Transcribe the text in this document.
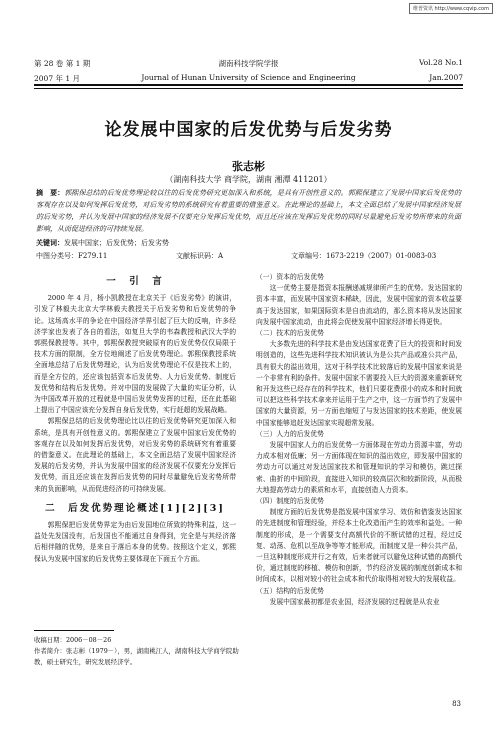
维普资讯 http://www.cqvip.com
第 28 卷 第 1 期	湖南科技学院学报	Vol.28 No.1
2007 年 1 月	Journal of Hunan University of Science and Engineering	Jan.2007
论发展中国家的后发优势与后发劣势
张志彬
（湖南科技大学 商学院，湖南 湘潭 411201）
摘　要：郭熙保总结的后发优势理论较以往的后发优势研究更加深入和系统，是具有开创性意义的。郭熙保建立了发展中国家后发优势的客观存在以及如何发挥后发优势，对后发劣势的系统研究有着重要的借鉴意义。在此理论的基础上，本文全面总结了发展中国家经济发展的后发劣势，并认为发展中国家的经济发展不仅要充分发挥后发优势，而且还应该在发挥后发优势的同时尽量避免后发劣势所带来的负面影响，从而促进经济的可持续发展。
关键词：发展中国家；后发优势；后发劣势
中图分类号：F279.11	文献标识码：A	文章编号：1673-2219（2007）01-0083-03
一　引　言

2000 年 4 月，杨小凯教授在北京关于《后发劣势》的演讲，引发了林毅夫北京大学林毅夫教授关于后发劣势和后发优势的争论。这场高水平的争论在中国经济学界引起了巨大的反响，许多经济学家也发表了各自的看法，如复旦大学的韦森教授和武汉大学的郭熙保教授等。其中，郭熙保教授突破原有的后发优势仅仅局限于技术方面的限制，全方位地阐述了后发优势理论。郭熙保教授系统全面地总结了后发优势理论，认为后发优势理论不仅是技术上的，而是全方位的，还应该包括资本后发优势、人力后发优势、制度后发优势和结构后发优势。并对中国的发展做了大量的实证分析，认为中国改革开放的过程就是中国后发优势发挥的过程，还在此基础上提出了中国应该充分发挥自身后发优势，实行赶超的发展战略。

郭熙保总结的后发优势理论比以往的后发优势研究更加深入和系统，是具有开创性意义的。郭熙保建立了发展中国家后发优势的客观存在以及如何发挥后发优势，对后发劣势的系统研究有着重要的借鉴意义。在此理论的基础上，本文全面总结了发展中国家经济发展的后发劣势，并认为发展中国家的经济发展不仅要充分发挥后发优势，而且还应该在发挥后发优势的同时尽量避免后发劣势所带来的负面影响，从而促进经济的可持续发展。

二　后发优势理论概述[1][2][3]

郭熙保把后发优势界定为由后发国地位所致的特殊利益，这一益处先发国没有，后发国也不能通过自身得到，完全是与其经济落后相伴随的优势，是来自于落后本身的优势。按照这个定义，郭熙保认为发展中国家的后发优势主要体现在下面五个方面。

（一）资本的后发优势

这一优势主要是指资本报酬递减规律所产生的优势。发达国家的资本丰富，而发展中国家资本稀缺，因此，发展中国家的资本收益要高于发达国家，如果国际资本是自由流动的，那么资本将从发达国家向发展中国家流动，由此将会促使发展中国家经济增长得更快。

（二）技术的后发优势

大多数先进的科学技术是由发达国家花费了巨大的投资和时间发明创造的，这些先进科学技术知识被认为是公共产品或准公共产品，具有很大的溢出效用，这对于科学技术比较落后的发展中国家来说是一个非常有利的条件。发展中国家不需要投入巨大的资源来重新研究和开发这些已经存在的科学技术，他们只要花费很小的成本和时间就可以把这些科学技术拿来并运用于生产之中，这一方面节约了发展中国家的大量资源，另一方面也缩短了与发达国家的技术差距，使发展中国家能够追赶发达国家实现超常发展。

（三）人力的后发优势

发展中国家人力的后发优势一方面体现在劳动力资源丰富，劳动力成本相对低廉；另一方面体现在知识的溢出效应，即发展中国家的劳动力可以通过对发达国家技术和管理知识的学习和模仿，跳过探索、曲折的中间阶段，直接进入知识的较高层次和较新阶段，从而极大地提高劳动力的素质和水平，直接创造人力资本。

（四）制度的后发优势

制度方面的后发优势是指发展中国家学习、效仿和借鉴发达国家的先进制度和管理经验，并经本土化改造而产生的效率和益处。一种制度的形成，是一个需要支付高额代价的不断试错的过程，经过反复、动荡、危机以至战争等等才能形成，而制度又是一种公共产品，一旦这种制度形成并行之有效，后来者就可以避免这种试错的高额代价，通过制度的移植、模仿和创新，节约经济发展的制度创新成本和时间成本，以相对较小的社会成本和代价取得相对较大的发展收益。

（五）结构的后发优势

发展中国家最初都是农业国，经济发展的过程就是从农业

收稿日期：2006－08－26
作者简介：张志彬（1979－），男，湖南桃江人，湖南科技大学商学院助教，硕士研究生，研究发展经济学。
83
